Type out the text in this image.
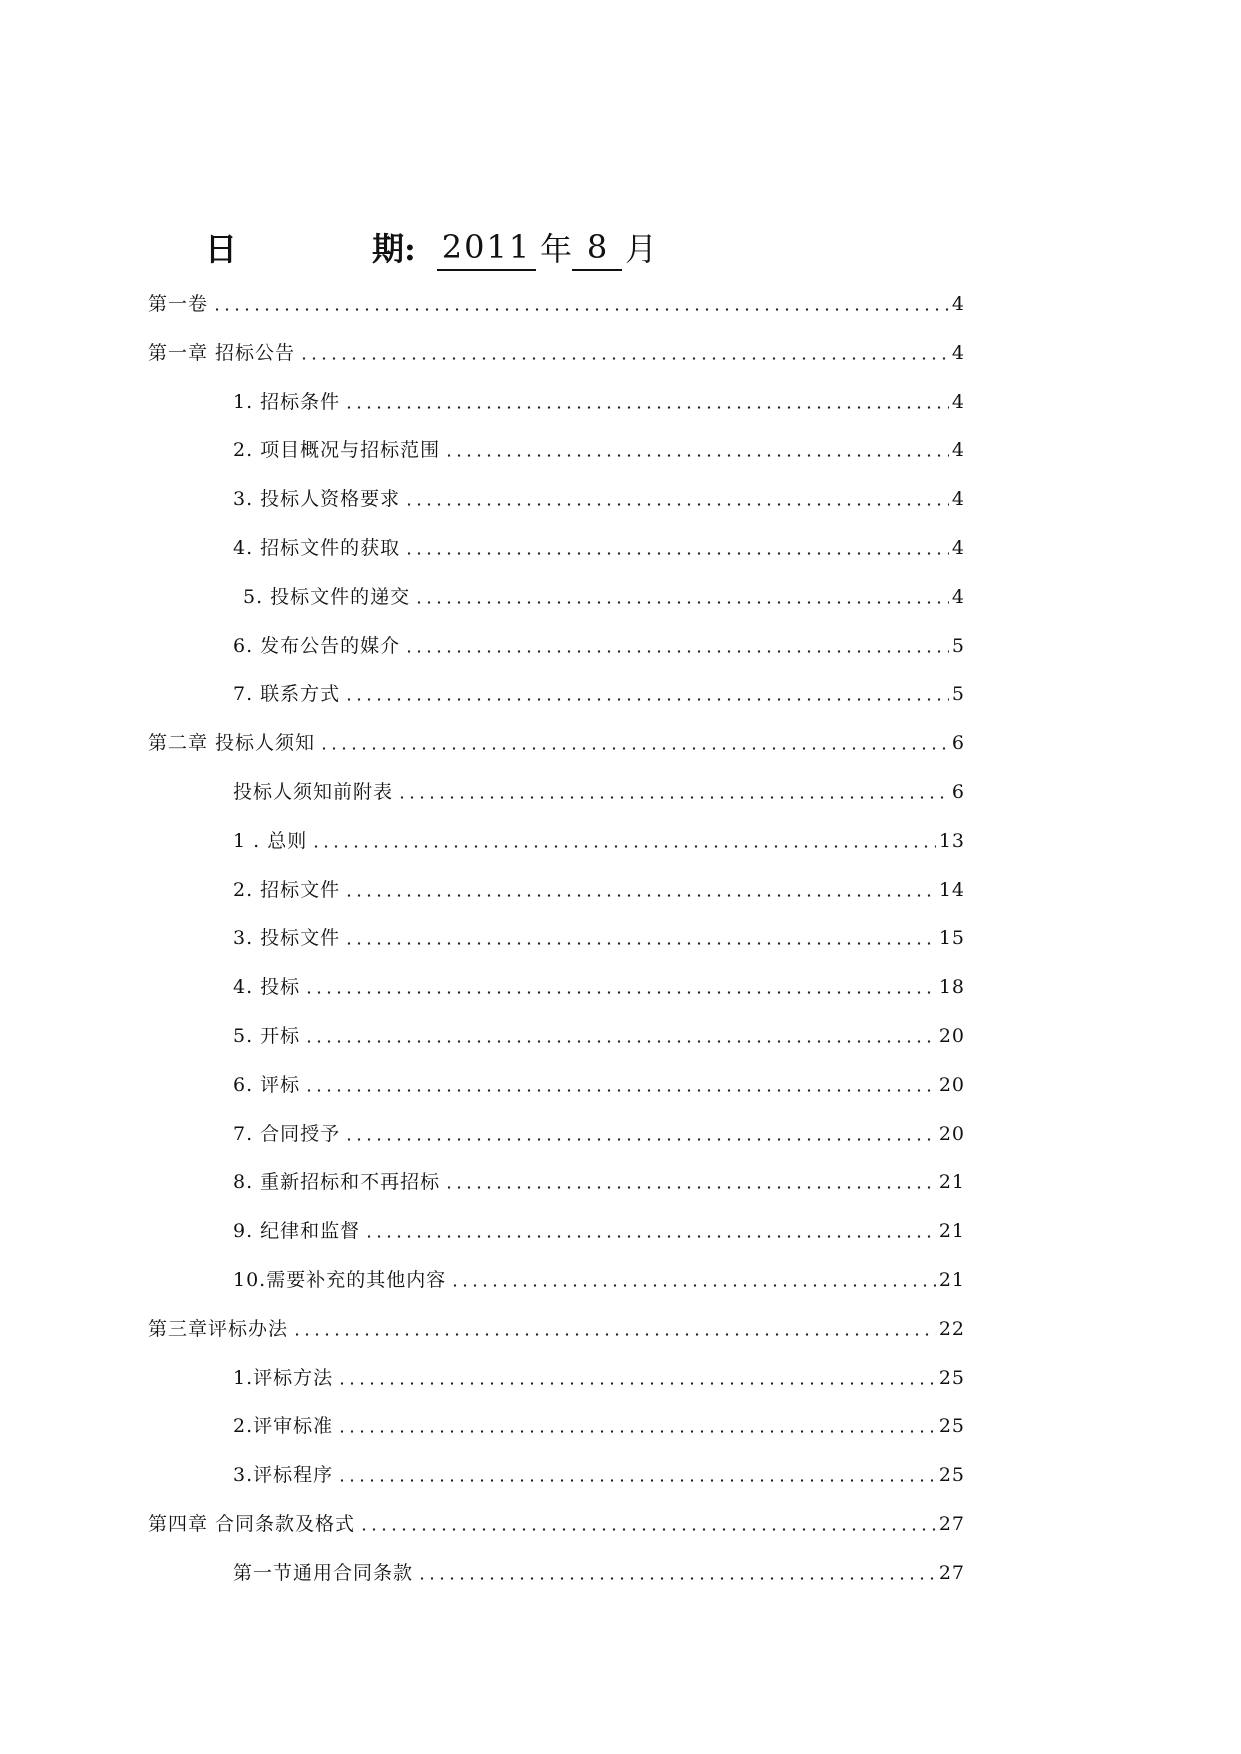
日	期: 2011 年 8 月
第一卷	4
第一章 招标公告	4
1. 招标条件	4
2. 项目概况与招标范围	4
3. 投标人资格要求	4
4. 招标文件的获取	4
5. 投标文件的递交	4
6. 发布公告的媒介	5
7. 联系方式	5
第二章 投标人须知	6
投标人须知前附表	6
1 . 总则	13
2. 招标文件	14
3. 投标文件	15
4. 投标	18
5. 开标	20
6. 评标	20
7. 合同授予	20
8. 重新招标和不再招标	21
9. 纪律和监督	21
10.需要补充的其他内容	21
第三章评标办法	22
1.评标方法	25
2.评审标准	25
3.评标程序	25
第四章 合同条款及格式	27
第一节通用合同条款	27
